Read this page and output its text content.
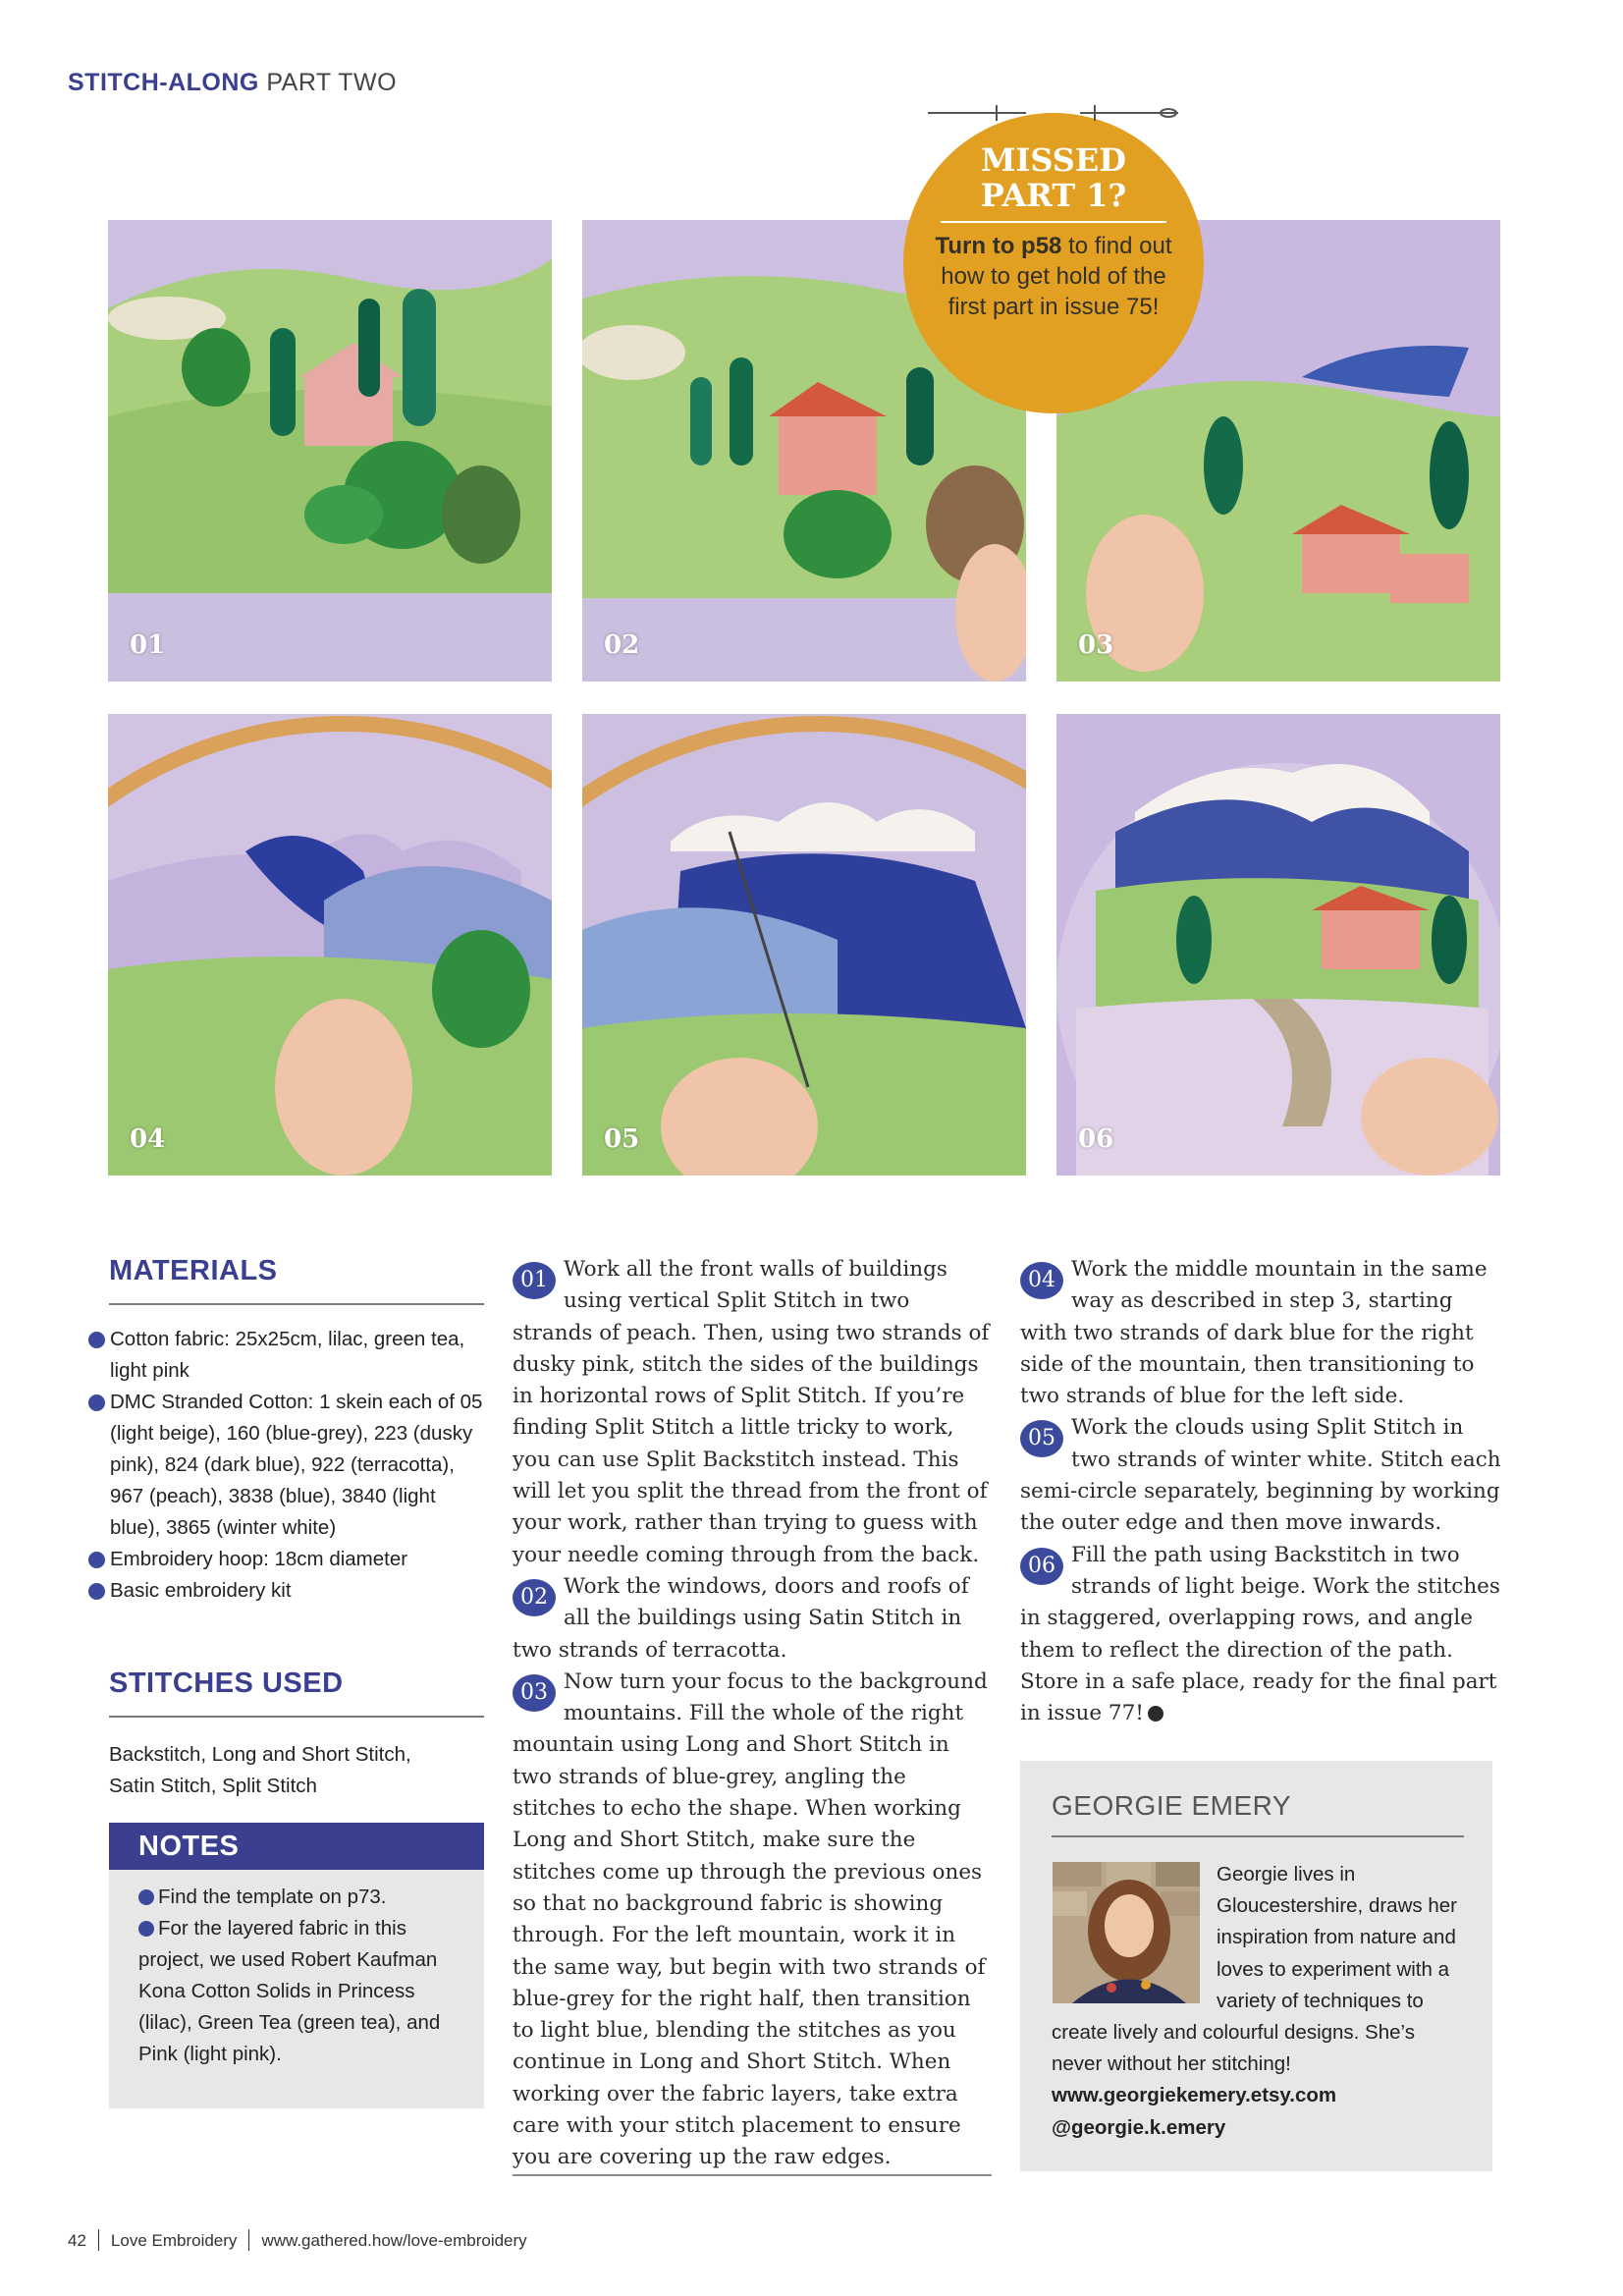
STITCH-ALONG PART TWO
MISSED
PART 1?
Turn to p58 to find out how to get hold of the first part in issue 75!
01	02	03
04	05	06
MATERIALS
Cotton fabric: 25x25cm, lilac, green tea, light pink
DMC Stranded Cotton: 1 skein each of 05 (light beige), 160 (blue-grey), 223 (dusky pink), 824 (dark blue), 922 (terracotta), 967 (peach), 3838 (blue), 3840 (light blue), 3865 (winter white)
Embroidery hoop: 18cm diameter
Basic embroidery kit
STITCHES USED
Backstitch, Long and Short Stitch, Satin Stitch, Split Stitch
NOTES
Find the template on p73.
For the layered fabric in this project, we used Robert Kaufman Kona Cotton Solids in Princess (lilac), Green Tea (green tea), and Pink (light pink).
01 Work all the front walls of buildings using vertical Split Stitch in two strands of peach. Then, using two strands of dusky pink, stitch the sides of the buildings in horizontal rows of Split Stitch. If you’re finding Split Stitch a little tricky to work, you can use Split Backstitch instead. This will let you split the thread from the front of your work, rather than trying to guess with your needle coming through from the back.
02 Work the windows, doors and roofs of all the buildings using Satin Stitch in two strands of terracotta.
03 Now turn your focus to the background mountains. Fill the whole of the right mountain using Long and Short Stitch in two strands of blue-grey, angling the stitches to echo the shape. When working Long and Short Stitch, make sure the stitches come up through the previous ones so that no background fabric is showing through. For the left mountain, work it in the same way, but begin with two strands of blue-grey for the right half, then transition to light blue, blending the stitches as you continue in Long and Short Stitch. When working over the fabric layers, take extra care with your stitch placement to ensure you are covering up the raw edges.
04 Work the middle mountain in the same way as described in step 3, starting with two strands of dark blue for the right side of the mountain, then transitioning to two strands of blue for the left side.
05 Work the clouds using Split Stitch in two strands of winter white. Stitch each semi-circle separately, beginning by working the outer edge and then move inwards.
06 Fill the path using Backstitch in two strands of light beige. Work the stitches in staggered, overlapping rows, and angle them to reflect the direction of the path. Store in a safe place, ready for the final part in issue 77!
GEORGIE EMERY
Georgie lives in Gloucestershire, draws her inspiration from nature and loves to experiment with a variety of techniques to create lively and colourful designs. She’s never without her stitching!
www.georgiekemery.etsy.com
@georgie.k.emery
42 Love Embroidery www.gathered.how/love-embroidery
